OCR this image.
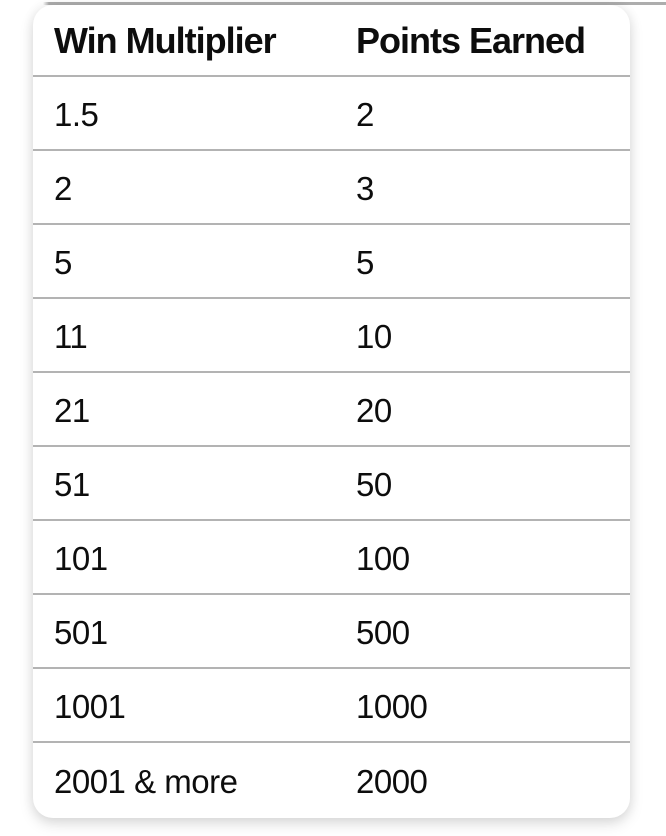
Win Multiplier	Points Earned
1.5	2
2	3
5	5
11	10
21	20
51	50
101	100
501	500
1001	1000
2001 & more	2000
